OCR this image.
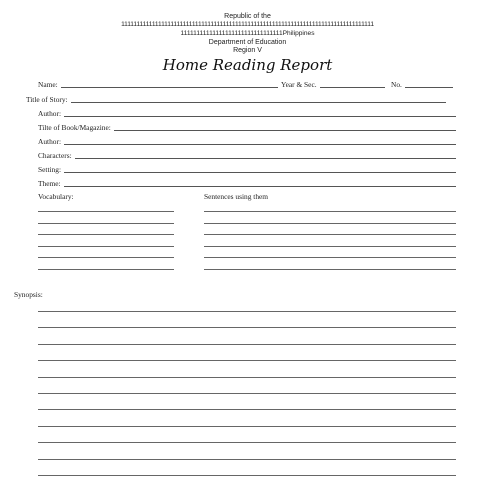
Republic of the
1111111111111111111111111111111111111111111111111111111111111111111111111111111111
11111111111111111111111111111111Philippines
Department of Education
Region V
Home Reading Report
Name:	Year & Sec.	No.
Title of Story:
Author:
Tilte of Book/Magazine:
Author:
Characters:
Setting:
Theme:
Vocabulary:	Sentences using them
Synopsis:
